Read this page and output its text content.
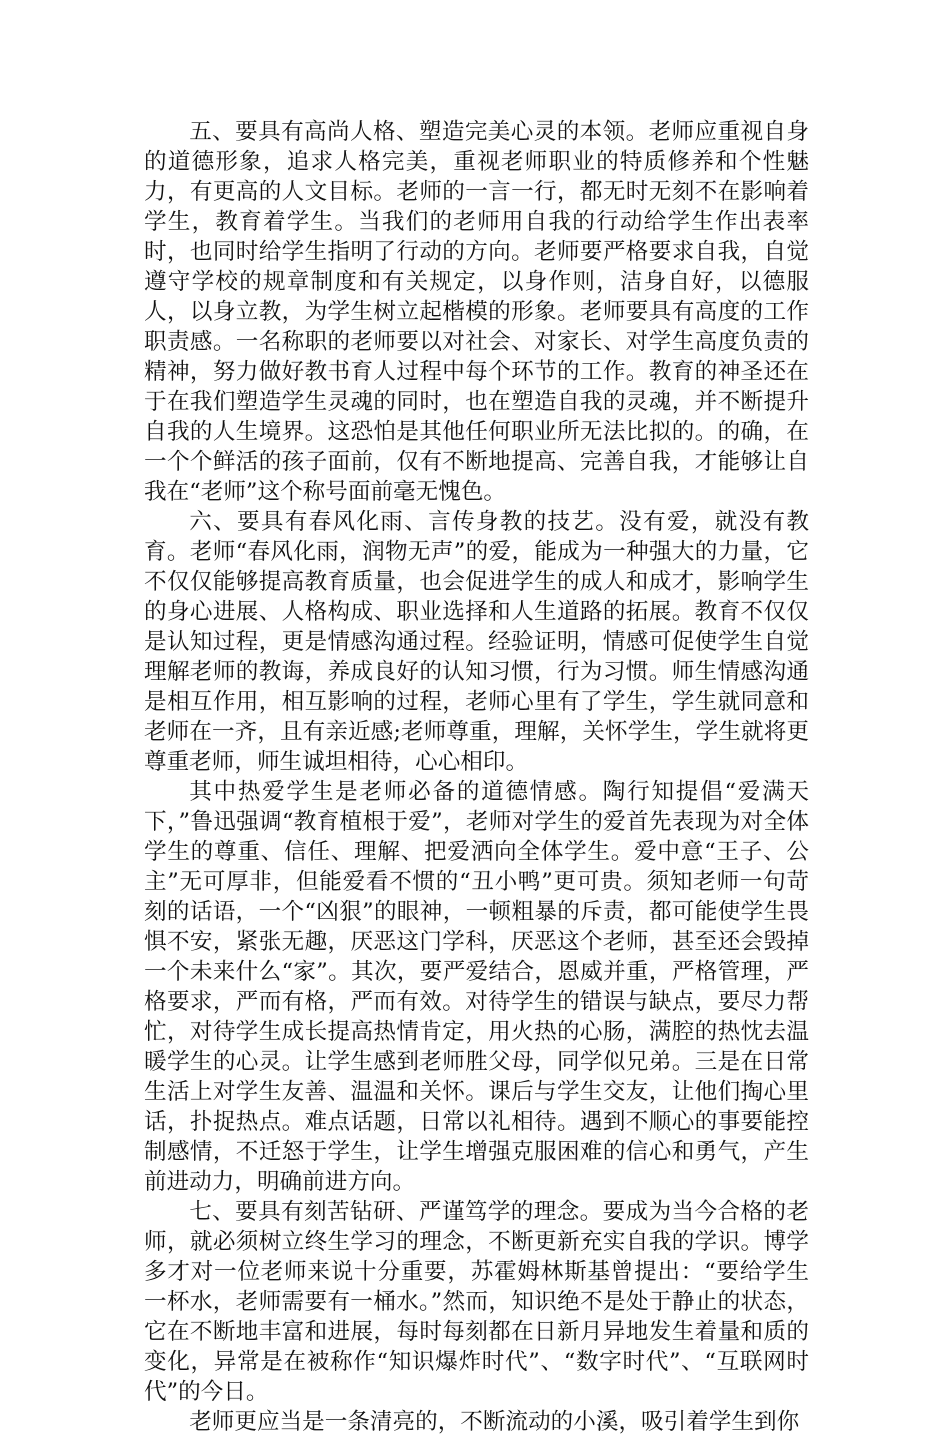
五、要具有高尚人格、塑造完美心灵的本领。老师应重视自身的道德形象，追求人格完美，重视老师职业的特质修养和个性魅力，有更高的人文目标。老师的一言一行，都无时无刻不在影响着学生，教育着学生。当我们的老师用自我的行动给学生作出表率时，也同时给学生指明了行动的方向。老师要严格要求自我，自觉遵守学校的规章制度和有关规定，以身作则，洁身自好，以德服人，以身立教，为学生树立起楷模的形象。老师要具有高度的工作职责感。一名称职的老师要以对社会、对家长、对学生高度负责的精神，努力做好教书育人过程中每个环节的工作。教育的神圣还在于在我们塑造学生灵魂的同时，也在塑造自我的灵魂，并不断提升自我的人生境界。这恐怕是其他任何职业所无法比拟的。的确，在一个个鲜活的孩子面前，仅有不断地提高、完善自我，才能够让自我在“老师”这个称号面前毫无愧色。

六、要具有春风化雨、言传身教的技艺。没有爱，就没有教育。老师“春风化雨，润物无声”的爱，能成为一种强大的力量，它不仅仅能够提高教育质量，也会促进学生的成人和成才，影响学生的身心进展、人格构成、职业选择和人生道路的拓展。教育不仅仅是认知过程，更是情感沟通过程。经验证明，情感可促使学生自觉理解老师的教诲，养成良好的认知习惯，行为习惯。师生情感沟通是相互作用，相互影响的过程，老师心里有了学生，学生就同意和老师在一齐，且有亲近感;老师尊重，理解，关怀学生，学生就将更尊重老师，师生诚坦相待，心心相印。

其中热爱学生是老师必备的道德情感。陶行知提倡“爱满天下，”鲁迅强调“教育植根于爱”，老师对学生的爱首先表现为对全体学生的尊重、信任、理解、把爱洒向全体学生。爱中意“王子、公主”无可厚非，但能爱看不惯的“丑小鸭”更可贵。须知老师一句苛刻的话语，一个“凶狠”的眼神，一顿粗暴的斥责，都可能使学生畏惧不安，紧张无趣，厌恶这门学科，厌恶这个老师，甚至还会毁掉一个未来什么“家”。其次，要严爱结合，恩威并重，严格管理，严格要求，严而有格，严而有效。对待学生的错误与缺点，要尽力帮忙，对待学生成长提高热情肯定，用火热的心肠，满腔的热忱去温暖学生的心灵。让学生感到老师胜父母，同学似兄弟。三是在日常生活上对学生友善、温温和关怀。课后与学生交友，让他们掏心里话，扑捉热点。难点话题，日常以礼相待。遇到不顺心的事要能控制感情，不迁怒于学生，让学生增强克服困难的信心和勇气，产生前进动力，明确前进方向。

七、要具有刻苦钻研、严谨笃学的理念。要成为当今合格的老师，就必须树立终生学习的理念，不断更新充实自我的学识。博学多才对一位老师来说十分重要，苏霍姆林斯基曾提出：“要给学生一杯水，老师需要有一桶水。”然而，知识绝不是处于静止的状态，它在不断地丰富和进展，每时每刻都在日新月异地发生着量和质的变化，异常是在被称作“知识爆炸时代”、“数字时代”、“互联网时代”的今日。

老师更应当是一条清亮的，不断流动的小溪，吸引着学生到你
